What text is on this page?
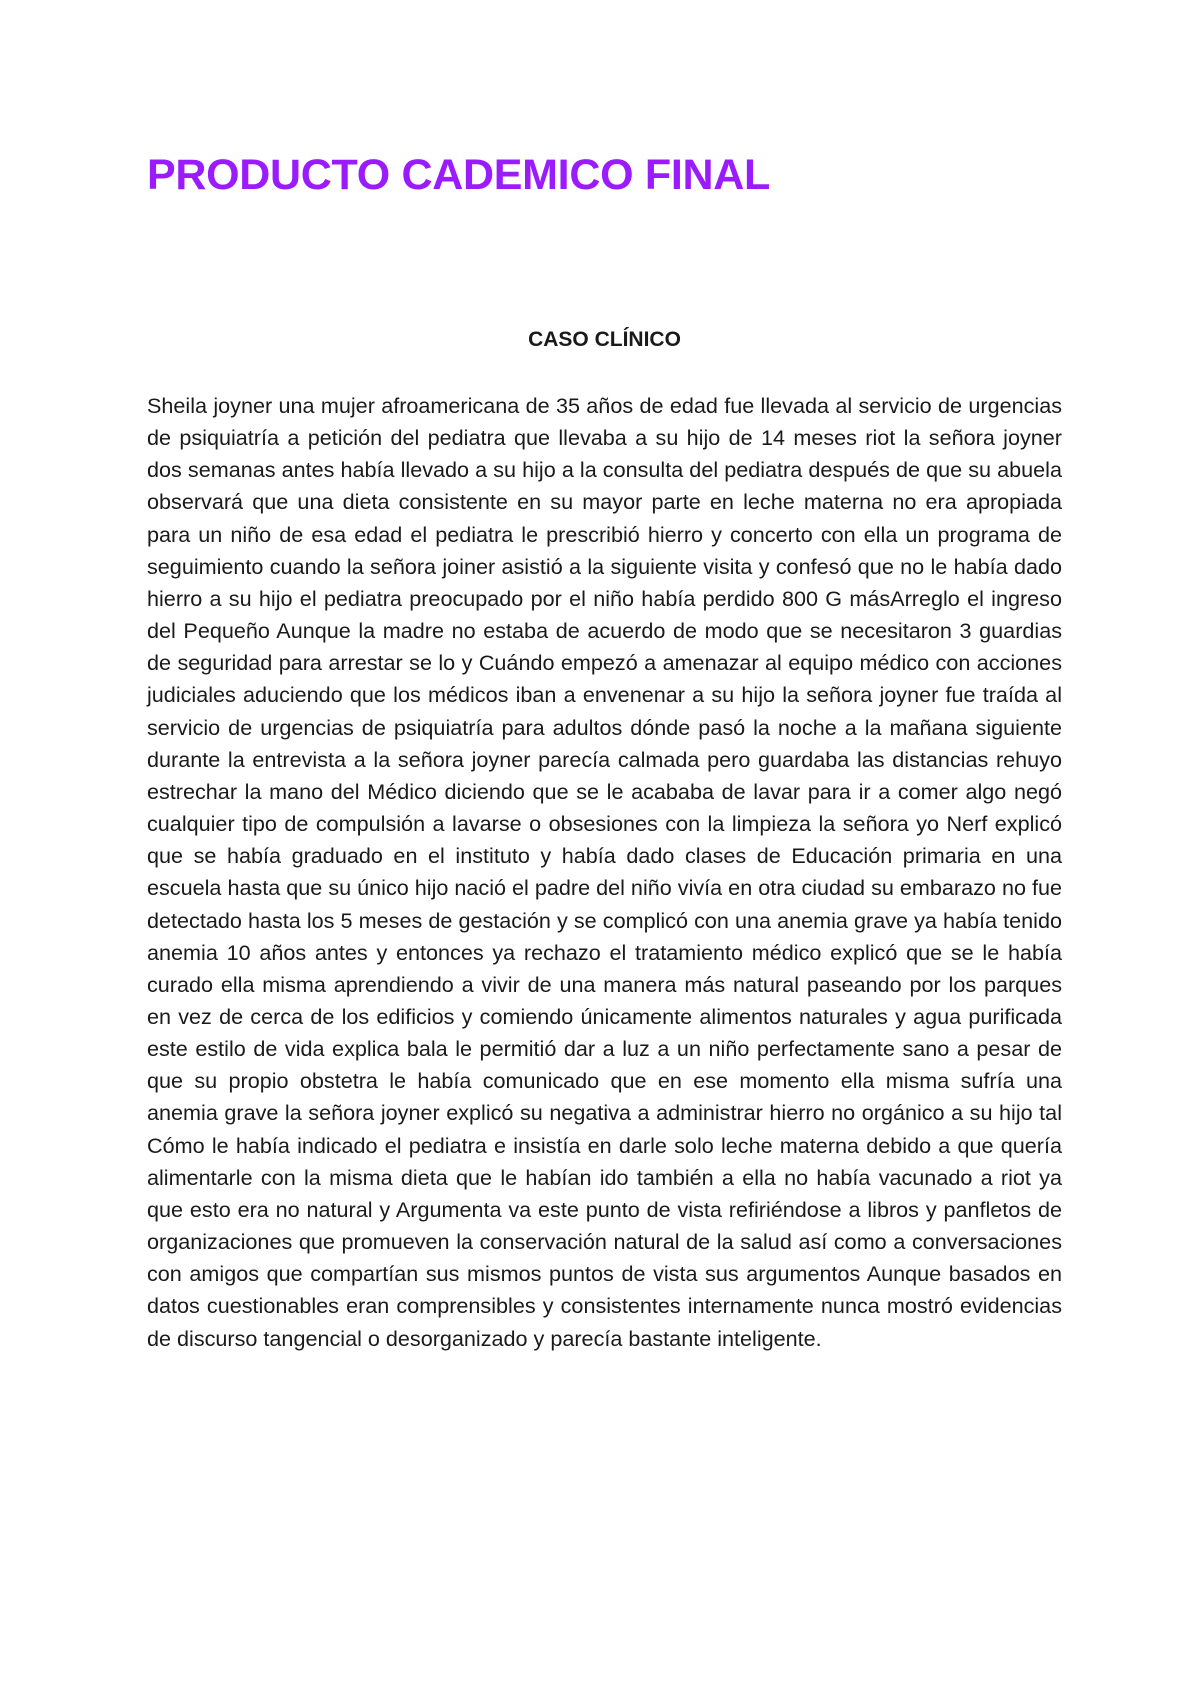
PRODUCTO CADEMICO FINAL
CASO CLÍNICO

Sheila joyner una mujer afroamericana de 35 años de edad fue llevada al servicio de urgencias de psiquiatría a petición del pediatra que llevaba a su hijo de 14 meses riot la señora joyner dos semanas antes había llevado a su hijo a la consulta del pediatra después de que su abuela observará que una dieta consistente en su mayor parte en leche materna no era apropiada para un niño de esa edad el pediatra le prescribió hierro y concerto con ella un programa de seguimiento cuando la señora joiner asistió a la siguiente visita y confesó que no le había dado hierro a su hijo el pediatra preocupado por el niño había perdido 800 G másArreglo el ingreso del Pequeño Aunque la madre no estaba de acuerdo de modo que se necesitaron 3 guardias de seguridad para arrestar se lo y Cuándo empezó a amenazar al equipo médico con acciones judiciales aduciendo que los médicos iban a envenenar a su hijo la señora joyner fue traída al servicio de urgencias de psiquiatría para adultos dónde pasó la noche a la mañana siguiente durante la entrevista a la señora joyner parecía calmada pero guardaba las distancias rehuyo estrechar la mano del Médico diciendo que se le acababa de lavar para ir a comer algo negó cualquier tipo de compulsión a lavarse o obsesiones con la limpieza la señora yo Nerf explicó que se había graduado en el instituto y había dado clases de Educación primaria en una escuela hasta que su único hijo nació el padre del niño vivía en otra ciudad su embarazo no fue detectado hasta los 5 meses de gestación y se complicó con una anemia grave ya había tenido anemia 10 años antes y entonces ya rechazo el tratamiento médico explicó que se le había curado ella misma aprendiendo a vivir de una manera más natural paseando por los parques en vez de cerca de los edificios y comiendo únicamente alimentos naturales y agua purificada este estilo de vida explica bala le permitió dar a luz a un niño perfectamente sano a pesar de que su propio obstetra le había comunicado que en ese momento ella misma sufría una anemia grave la señora joyner explicó su negativa a administrar hierro no orgánico a su hijo tal Cómo le había indicado el pediatra e insistía en darle solo leche materna debido a que quería alimentarle con la misma dieta que le habían ido también a ella no había vacunado a riot ya que esto era no natural y Argumenta va este punto de vista refiriéndose a libros y panfletos de organizaciones que promueven la conservación natural de la salud así como a conversaciones con amigos que compartían sus mismos puntos de vista sus argumentos Aunque basados en datos cuestionables eran comprensibles y consistentes internamente nunca mostró evidencias de discurso tangencial o desorganizado y parecía bastante inteligente.
